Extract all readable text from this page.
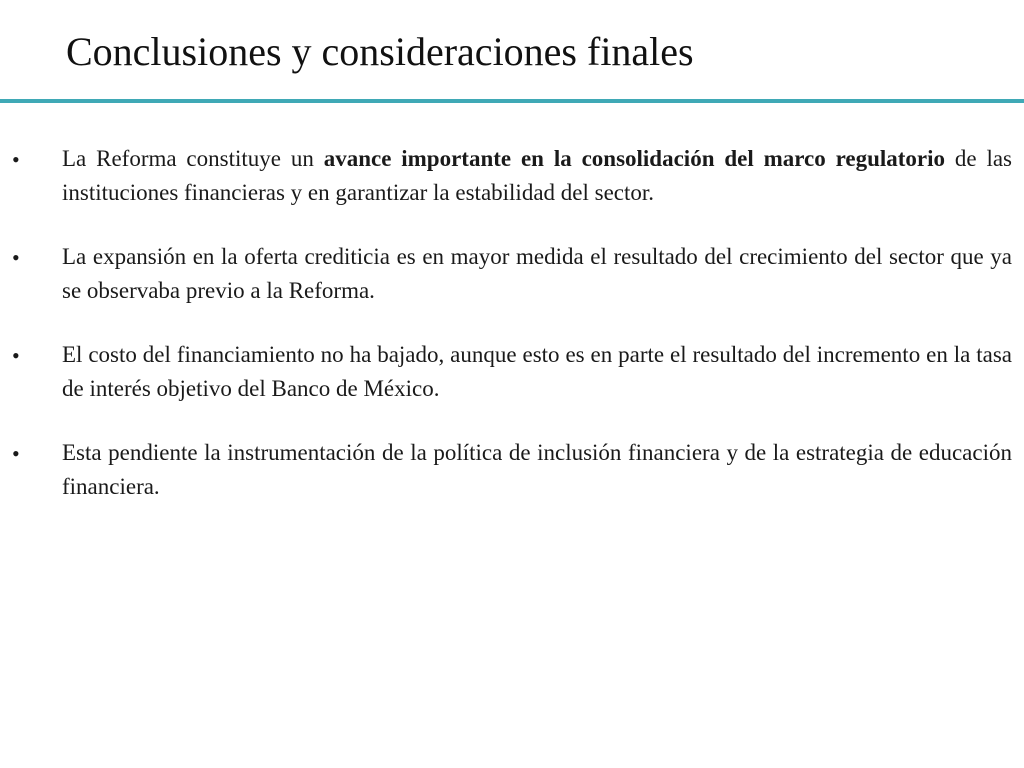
Conclusiones y consideraciones finales
• La Reforma constituye un avance importante en la consolidación del marco regulatorio de las instituciones financieras y en garantizar la estabilidad del sector.
• La expansión en la oferta crediticia es en mayor medida el resultado del crecimiento del sector que ya se observaba previo a la Reforma.
• El costo del financiamiento no ha bajado, aunque esto es en parte el resultado del incremento en la tasa de interés objetivo del Banco de México.
• Esta pendiente la instrumentación de la política de inclusión financiera y de la estrategia de educación financiera.
